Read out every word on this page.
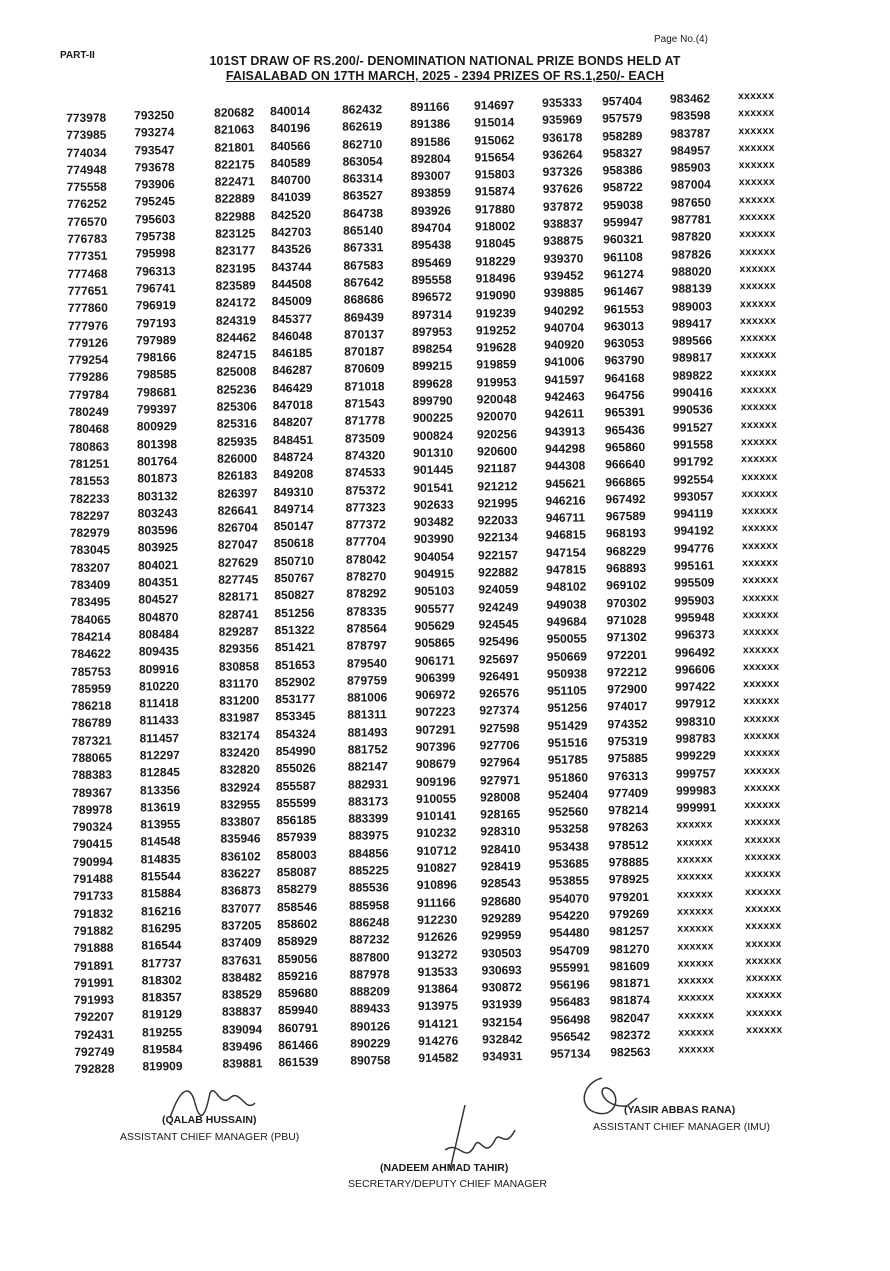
Page No.(4)
PART-II	101ST DRAW OF RS.200/- DENOMINATION NATIONAL PRIZE BONDS HELD AT
FAISALABAD ON 17TH MARCH, 2025 - 2394 PRIZES OF RS.1,250/- EACH
773978
773985
774034
774948
775558
776252
776570
776783
777351
777468
777651
777860
777976
779126
779254
779286
779784
780249
780468
780863
781251
781553
782233
782297
782979
783045
783207
783409
783495
784065
784214
784622
785753
785959
786218
786789
787321
788065
788383
789367
789978
790324
790415
790994
791488
791733
791832
791882
791888
791891
791991
791993
792207
792431
792749
792828
793250
793274
793547
793678
793906
795245
795603
795738
795998
796313
796741
796919
797193
797989
798166
798585
798681
799397
800929
801398
801764
801873
803132
803243
803596
803925
804021
804351
804527
804870
808484
809435
809916
810220
811418
811433
811457
812297
812845
813356
813619
813955
814548
814835
815544
815884
816216
816295
816544
817737
818302
818357
819129
819255
819584
819909
820682
821063
821801
822175
822471
822889
822988
823125
823177
823195
823589
824172
824319
824462
824715
825008
825236
825306
825316
825935
826000
826183
826397
826641
826704
827047
827629
827745
828171
828741
829287
829356
830858
831170
831200
831987
832174
832420
832820
832924
832955
833807
835946
836102
836227
836873
837077
837205
837409
837631
838482
838529
838837
839094
839496
839881
840014
840196
840566
840589
840700
841039
842520
842703
843526
843744
844508
845009
845377
846048
846185
846287
846429
847018
848207
848451
848724
849208
849310
849714
850147
850618
850710
850767
850827
851256
851322
851421
851653
852902
853177
853345
854324
854990
855026
855587
855599
856185
857939
858003
858087
858279
858546
858602
858929
859056
859216
859680
859940
860791
861466
861539
862432
862619
862710
863054
863314
863527
864738
865140
867331
867583
867642
868686
869439
870137
870187
870609
871018
871543
871778
873509
874320
874533
875372
877323
877372
877704
878042
878270
878292
878335
878564
878797
879540
879759
881006
881311
881493
881752
882147
882931
883173
883399
883975
884856
885225
885536
885958
886248
887232
887800
887978
888209
889433
890126
890229
890758
891166
891386
891586
892804
893007
893859
893926
894704
895438
895469
895558
896572
897314
897953
898254
899215
899628
899790
900225
900824
901310
901445
901541
902633
903482
903990
904054
904915
905103
905577
905629
905865
906171
906399
906972
907223
907291
907396
908679
909196
910055
910141
910232
910712
910827
910896
911166
912230
912626
913272
913533
913864
913975
914121
914276
914582
914697
915014
915062
915654
915803
915874
917880
918002
918045
918229
918496
919090
919239
919252
919628
919859
919953
920048
920070
920256
920600
921187
921212
921995
922033
922134
922157
922882
924059
924249
924545
925496
925697
926491
926576
927374
927598
927706
927964
927971
928008
928165
928310
928410
928419
928543
928680
929289
929959
930503
930693
930872
931939
932154
932842
934931
935333
935969
936178
936264
937326
937626
937872
938837
938875
939370
939452
939885
940292
940704
940920
941006
941597
942463
942611
943913
944298
944308
945621
946216
946711
946815
947154
947815
948102
949038
949684
950055
950669
950938
951105
951256
951429
951516
951785
951860
952404
952560
953258
953438
953685
953855
954070
954220
954480
954709
955991
956196
956483
956498
956542
957134
957404
957579
958289
958327
958386
958722
959038
959947
960321
961108
961274
961467
961553
963013
963053
963790
964168
964756
965391
965436
965860
966640
966865
967492
967589
968193
968229
968893
969102
970302
971028
971302
972201
972212
972900
974017
974352
975319
975885
976313
977409
978214
978263
978512
978885
978925
979201
979269
981257
981270
981609
981871
981874
982047
982372
982563
983462
983598
983787
984957
985903
987004
987650
987781
987820
987826
988020
988139
989003
989417
989566
989817
989822
990416
990536
991527
991558
991792
992554
993057
994119
994192
994776
995161
995509
995903
995948
996373
996492
996606
997422
997912
998310
998783
999229
999757
999983
999991
xxxxxx
xxxxxx
xxxxxx
xxxxxx
xxxxxx
xxxxxx
xxxxxx
xxxxxx
xxxxxx
xxxxxx
xxxxxx
xxxxxx
xxxxxx
xxxxxx
xxxxxx
xxxxxx
xxxxxx
xxxxxx
xxxxxx
xxxxxx
xxxxxx
xxxxxx
xxxxxx
xxxxxx
xxxxxx
xxxxxx
xxxxxx
xxxxxx
xxxxxx
xxxxxx
xxxxxx
xxxxxx
xxxxxx
xxxxxx
xxxxxx
xxxxxx
xxxxxx
xxxxxx
xxxxxx
xxxxxx
xxxxxx
xxxxxx
xxxxxx
xxxxxx
xxxxxx
xxxxxx
xxxxxx
xxxxxx
xxxxxx
xxxxxx
xxxxxx
xxxxxx
xxxxxx
xxxxxx
xxxxxx
xxxxxx
xxxxxx
xxxxxx
xxxxxx
xxxxxx
xxxxxx
xxxxxx
xxxxxx
xxxxxx
xxxxxx
xxxxxx
xxxxxx
xxxxxx
xxxxxx
(QALAB HUSSAIN)
ASSISTANT CHIEF MANAGER (PBU)
(YASIR ABBAS RANA)
ASSISTANT CHIEF MANAGER (IMU)
(NADEEM AHMAD TAHIR)
SECRETARY/DEPUTY CHIEF MANAGER
